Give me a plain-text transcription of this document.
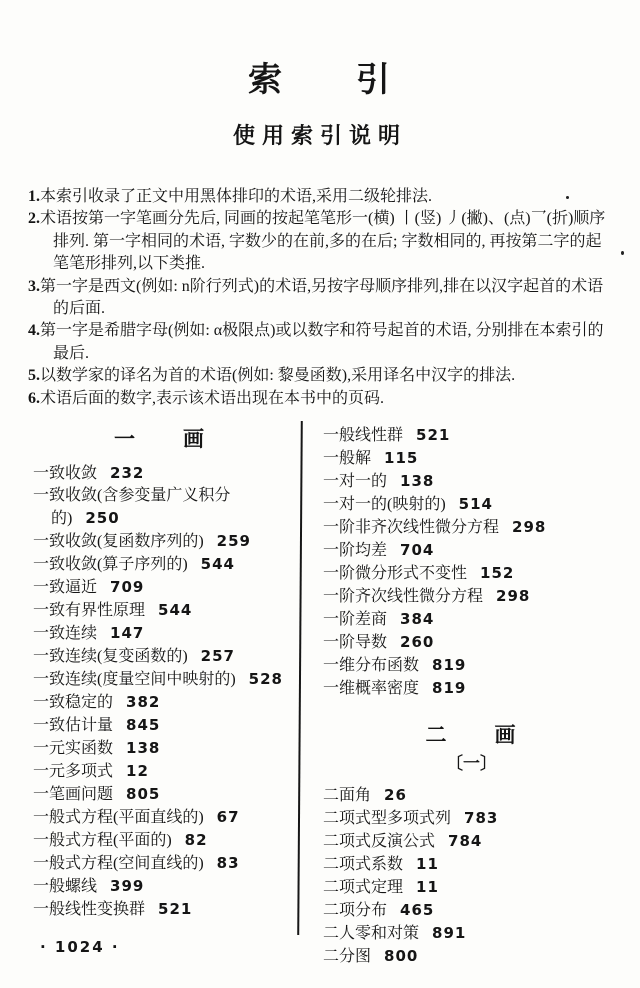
索　　引
使用索引说明
1.本索引收录了正文中用黑体排印的术语,采用二级轮排法.
2.术语按第一字笔画分先后, 同画的按起笔笔形一(横) 丨(竖) 丿(撇)、(点)乛(折)顺序排列. 第一字相同的术语, 字数少的在前,多的在后; 字数相同的, 再按第二字的起笔笔形排列,以下类推.
3.第一字是西文(例如: n阶行列式)的术语,另按字母顺序排列,排在以汉字起首的术语的后面.
4.第一字是希腊字母(例如: α极限点)或以数字和符号起首的术语, 分别排在本索引的最后.
5.以数学家的译名为首的术语(例如: 黎曼函数),采用译名中汉字的排法.
6.术语后面的数字,表示该术语出现在本书中的页码.
一　　画
一致收敛 232
一致收敛(含参变量广义积分的) 250
一致收敛(复函数序列的) 259
一致收敛(算子序列的) 544
一致逼近 709
一致有界性原理 544
一致连续 147
一致连续(复变函数的) 257
一致连续(度量空间中映射的) 528
一致稳定的 382
一致估计量 845
一元实函数 138
一元多项式 12
一笔画问题 805
一般式方程(平面直线的) 67
一般式方程(平面的) 82
一般式方程(空间直线的) 83
一般螺线 399
一般线性变换群 521
一般线性群 521
一般解 115
一对一的 138
一对一的(映射的) 514
一阶非齐次线性微分方程 298
一阶均差 704
一阶微分形式不变性 152
一阶齐次线性微分方程 298
一阶差商 384
一阶导数 260
一维分布函数 819
一维概率密度 819
二　　画
〔一〕
二面角 26
二项式型多项式列 783
二项式反演公式 784
二项式系数 11
二项式定理 11
二项分布 465
二人零和对策 891
二分图 800
· 1024 ·
